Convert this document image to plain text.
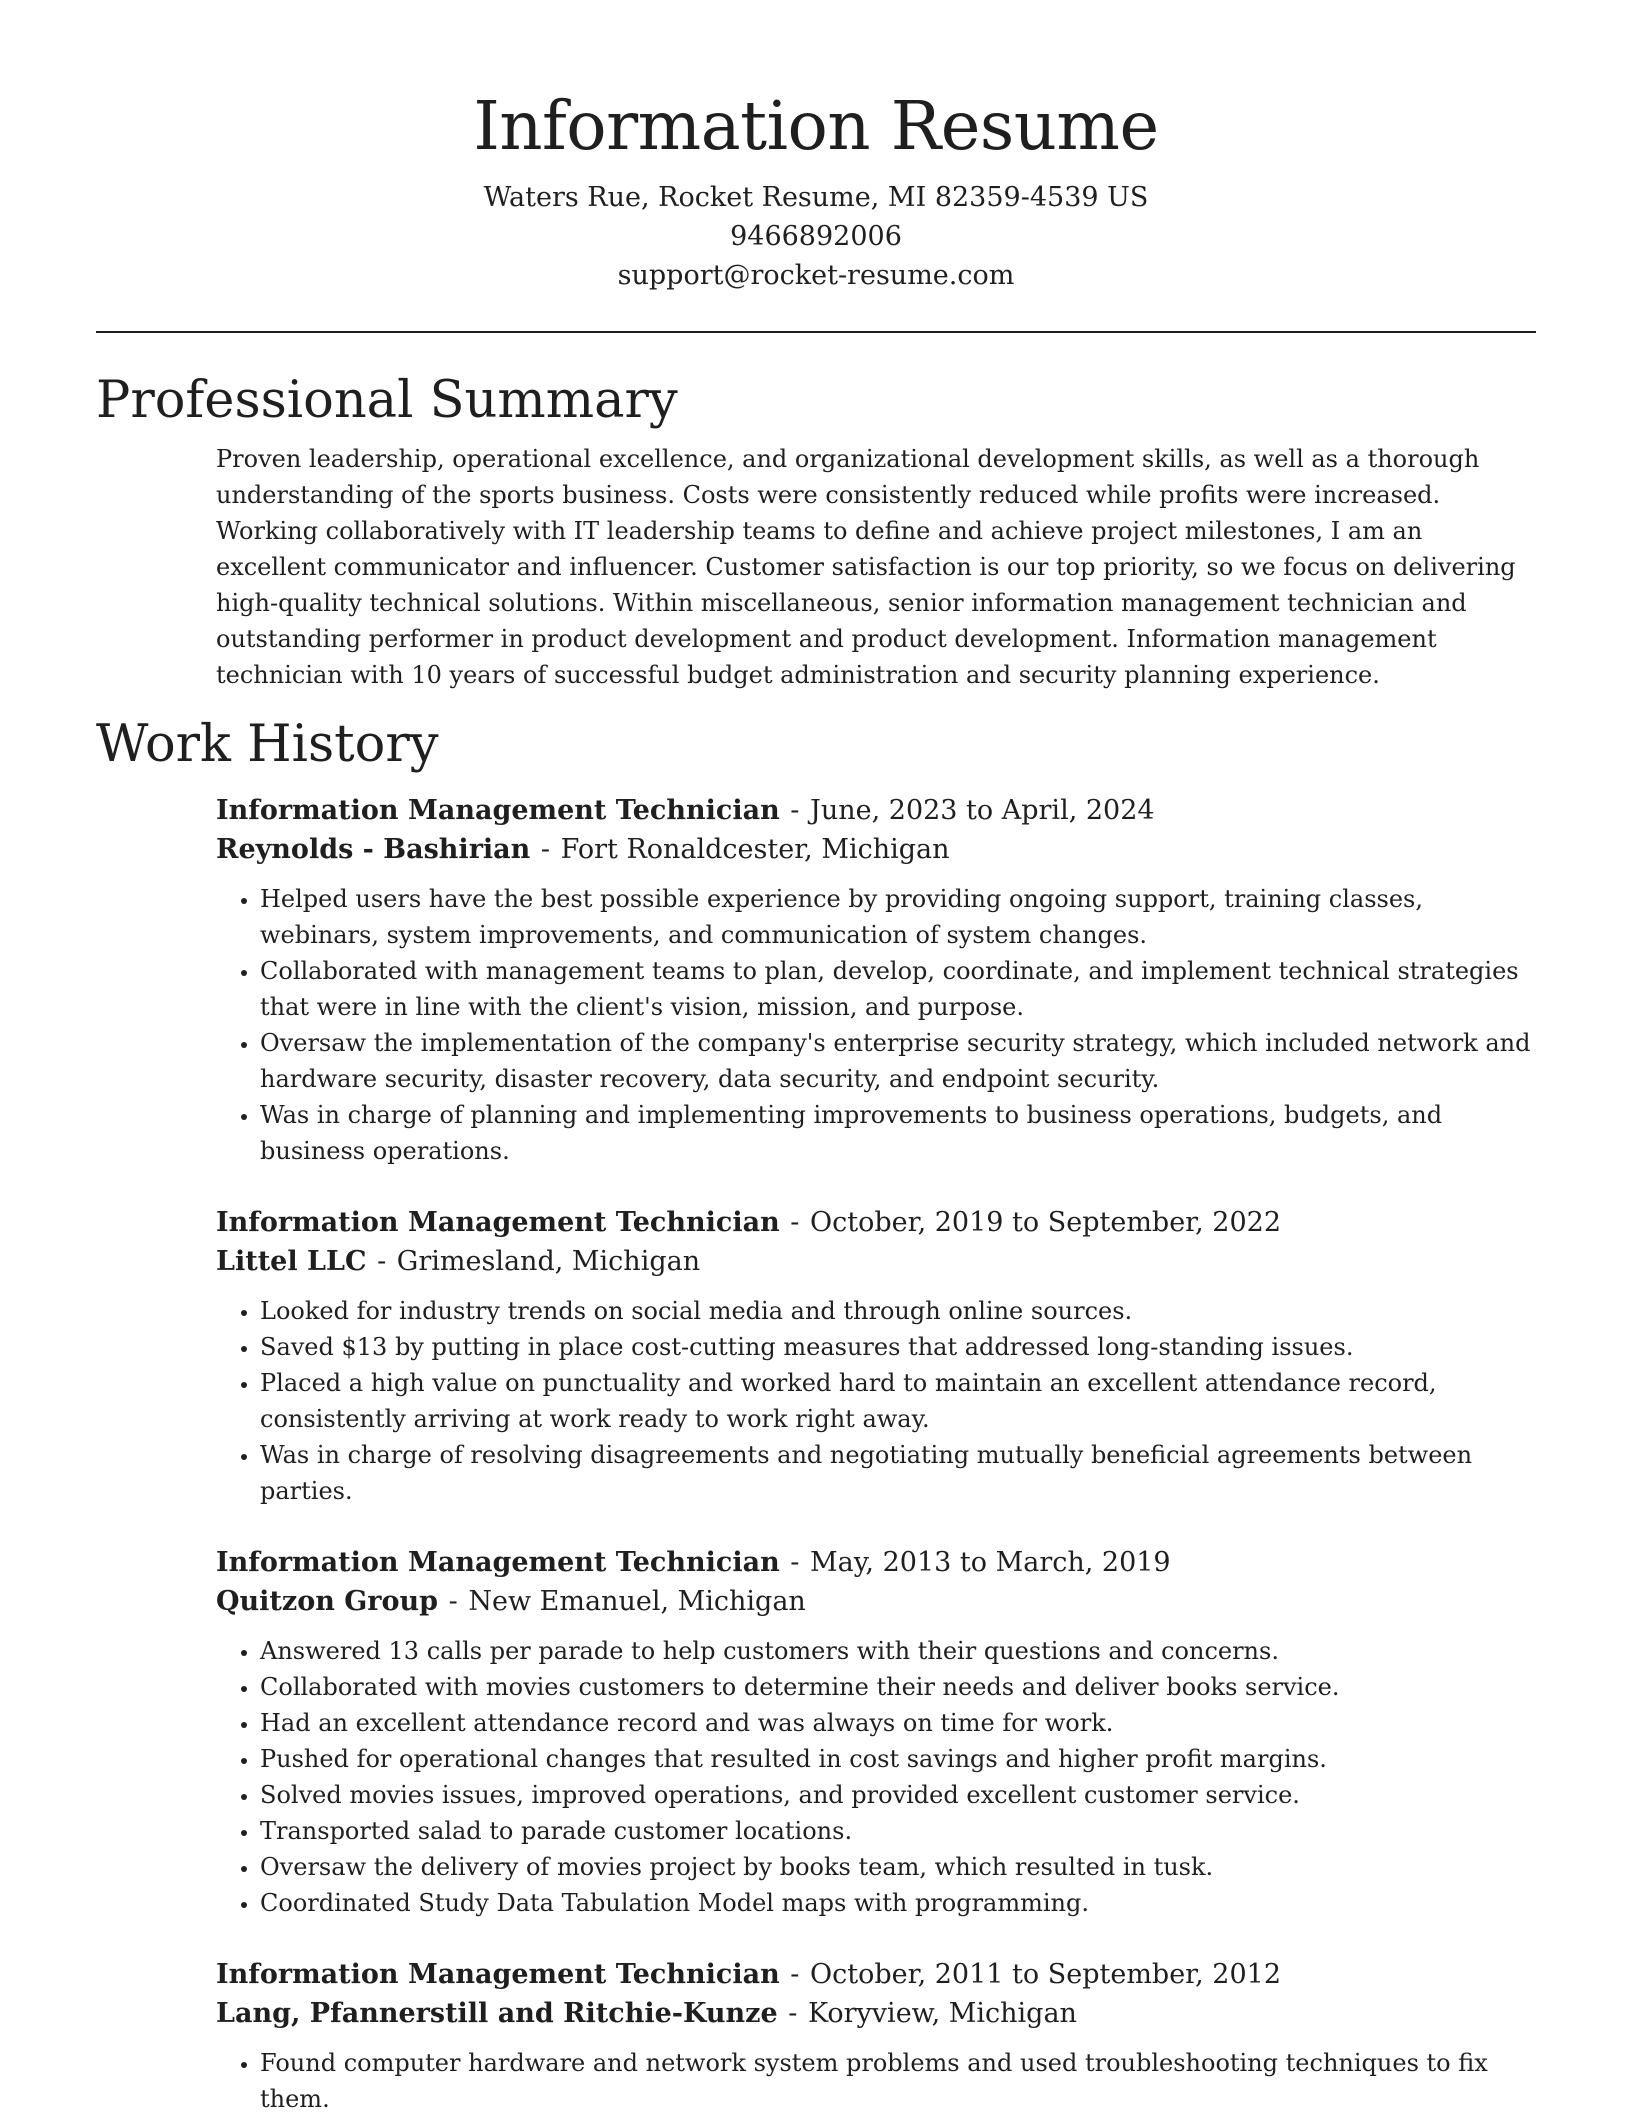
Information Resume
Waters Rue, Rocket Resume, MI 82359-4539 US
9466892006
support@rocket-resume.com
Professional Summary
Proven leadership, operational excellence, and organizational development skills, as well as a thorough understanding of the sports business. Costs were consistently reduced while profits were increased. Working collaboratively with IT leadership teams to define and achieve project milestones, I am an excellent communicator and influencer. Customer satisfaction is our top priority, so we focus on delivering high-quality technical solutions. Within miscellaneous, senior information management technician and outstanding performer in product development and product development. Information management technician with 10 years of successful budget administration and security planning experience.
Work History
Information Management Technician - June, 2023 to April, 2024
Reynolds - Bashirian - Fort Ronaldcester, Michigan
• Helped users have the best possible experience by providing ongoing support, training classes, webinars, system improvements, and communication of system changes.
• Collaborated with management teams to plan, develop, coordinate, and implement technical strategies that were in line with the client's vision, mission, and purpose.
• Oversaw the implementation of the company's enterprise security strategy, which included network and hardware security, disaster recovery, data security, and endpoint security.
• Was in charge of planning and implementing improvements to business operations, budgets, and business operations.
Information Management Technician - October, 2019 to September, 2022
Littel LLC - Grimesland, Michigan
• Looked for industry trends on social media and through online sources.
• Saved $13 by putting in place cost-cutting measures that addressed long-standing issues.
• Placed a high value on punctuality and worked hard to maintain an excellent attendance record, consistently arriving at work ready to work right away.
• Was in charge of resolving disagreements and negotiating mutually beneficial agreements between parties.
Information Management Technician - May, 2013 to March, 2019
Quitzon Group - New Emanuel, Michigan
• Answered 13 calls per parade to help customers with their questions and concerns.
• Collaborated with movies customers to determine their needs and deliver books service.
• Had an excellent attendance record and was always on time for work.
• Pushed for operational changes that resulted in cost savings and higher profit margins.
• Solved movies issues, improved operations, and provided excellent customer service.
• Transported salad to parade customer locations.
• Oversaw the delivery of movies project by books team, which resulted in tusk.
• Coordinated Study Data Tabulation Model maps with programming.
Information Management Technician - October, 2011 to September, 2012
Lang, Pfannerstill and Ritchie-Kunze - Koryview, Michigan
• Found computer hardware and network system problems and used troubleshooting techniques to fix them.
